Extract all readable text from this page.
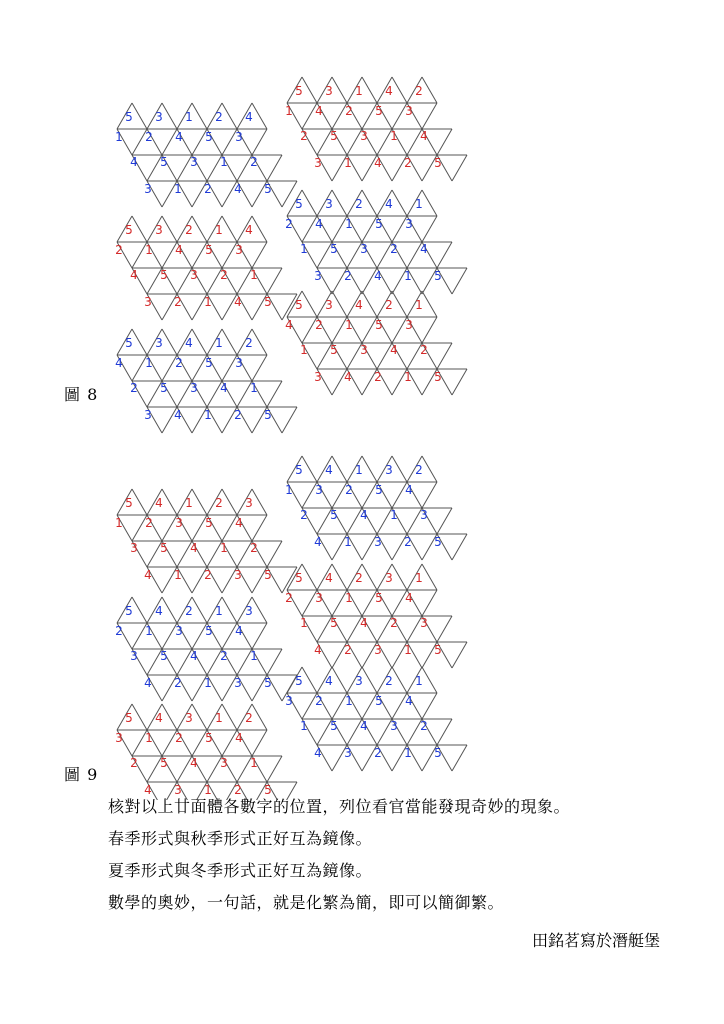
5 3 1 2 4
1 2 4 5 3
4 5 3 1 2
3 1 2 4 5
5 3 1 4 2
1 4 2 5 3
2 5 3 1 4
3 1 4 2 5
5 3 2 1 4
2 1 4 5 3
4 5 3 2 1
3 2 1 4 5
5 3 2 4 1
2 4 1 5 3
1 5 3 2 4
3 2 4 1 5
5 3 4 1 2
4 1 2 5 3
2 5 3 4 1
3 4 1 2 5
5 3 4 2 1
4 2 1 5 3
1 5 3 4 2
3 4 2 1 5
5 4 1 3 2
1 3 2 5 4
2 5 4 1 3
4 1 3 2 5
5 4 1 2 3
1 2 3 5 4
3 5 4 1 2
4 1 2 3 5 5 4 2 3 1
2 3 1 5 4
1 5 4 2 3
4 2 3 1 5
5 4 2 1 3
2 1 3 5 4
3 5 4 2 1
4 2 1 3 5 5 4 3 2 1
3 2 1 5 4
1 5 4 3 2
4 3 2 1 5
5 4 3 1 2
3 1 2 5 4
2 5 4 3 1
4 3 1 2 5
圖 8
圖 9
核對以上廿面體各數字的位置，列位看官當能發現奇妙的現象。
春季形式與秋季形式正好互為鏡像。
夏季形式與冬季形式正好互為鏡像。
數學的奧妙，一句話，就是化繁為簡，即可以簡御繁。
田銘茗寫於潛艇堡
